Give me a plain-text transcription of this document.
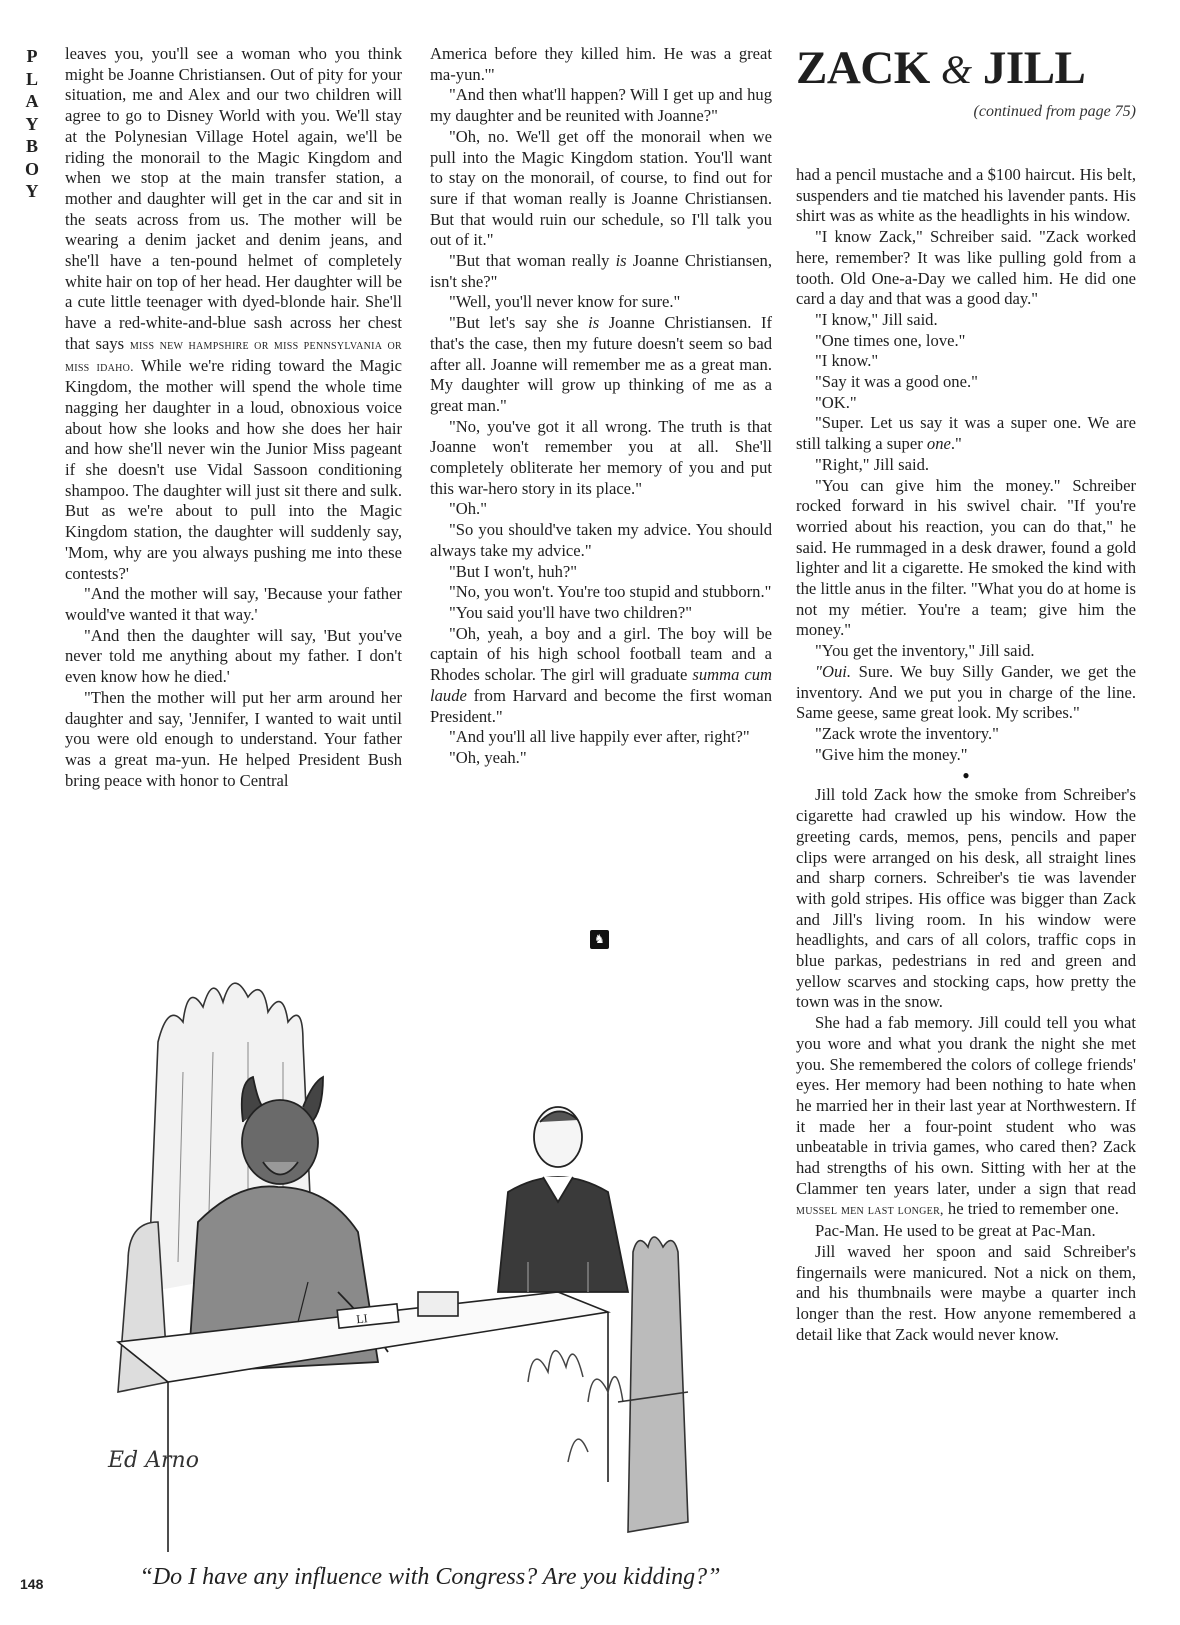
P
L
A
Y
B
O
Y

leaves you, you'll see a woman who you think might be Joanne Christiansen. Out of pity for your situation, me and Alex and our two children will agree to go to Disney World with you. We'll stay at the Polynesian Village Hotel again, we'll be riding the monorail to the Magic Kingdom and when we stop at the main transfer station, a mother and daughter will get in the car and sit in the seats across from us. The mother will be wearing a denim jacket and denim jeans, and she'll have a ten-pound helmet of completely white hair on top of her head. Her daughter will be a cute little teenager with dyed-blonde hair. She'll have a red-white-and-blue sash across her chest that says miss new hampshire or miss pennsylvania or miss idaho. While we're riding toward the Magic Kingdom, the mother will spend the whole time nagging her daughter in a loud, obnoxious voice about how she looks and how she does her hair and how she'll never win the Junior Miss pageant if she doesn't use Vidal Sassoon conditioning shampoo. The daughter will just sit there and sulk. But as we're about to pull into the Magic Kingdom station, the daughter will suddenly say, 'Mom, why are you always pushing me into these contests?'

"And the mother will say, 'Because your father would've wanted it that way.'

"And then the daughter will say, 'But you've never told me anything about my father. I don't even know how he died.'

"Then the mother will put her arm around her daughter and say, 'Jennifer, I wanted to wait until you were old enough to understand. Your father was a great ma-yun. He helped President Bush bring peace with honor to Central

America before they killed him. He was a great ma-yun.'"

"And then what'll happen? Will I get up and hug my daughter and be reunited with Joanne?"

"Oh, no. We'll get off the monorail when we pull into the Magic Kingdom station. You'll want to stay on the monorail, of course, to find out for sure if that woman really is Joanne Christiansen. But that would ruin our schedule, so I'll talk you out of it."

"But that woman really is Joanne Christiansen, isn't she?"

"Well, you'll never know for sure."

"But let's say she is Joanne Christiansen. If that's the case, then my future doesn't seem so bad after all. Joanne will remember me as a great man. My daughter will grow up thinking of me as a great man."

"No, you've got it all wrong. The truth is that Joanne won't remember you at all. She'll completely obliterate her memory of you and put this war-hero story in its place."

"Oh."

"So you should've taken my advice. You should always take my advice."

"But I won't, huh?"

"No, you won't. You're too stupid and stubborn."

"You said you'll have two children?"

"Oh, yeah, a boy and a girl. The boy will be captain of his high school football team and a Rhodes scholar. The girl will graduate summa cum laude from Harvard and become the first woman President."

"And you'll all live happily ever after, right?"

"Oh, yeah."

♞
ZACK & JILL
(continued from page 75)

had a pencil mustache and a $100 haircut. His belt, suspenders and tie matched his lavender pants. His shirt was as white as the headlights in his window.

"I know Zack," Schreiber said. "Zack worked here, remember? It was like pulling gold from a tooth. Old One-a-Day we called him. He did one card a day and that was a good day."

"I know," Jill said.

"One times one, love."

"I know."

"Say it was a good one."

"OK."

"Super. Let us say it was a super one. We are still talking a super one."

"Right," Jill said.

"You can give him the money." Schreiber rocked forward in his swivel chair. "If you're worried about his reaction, you can do that," he said. He rummaged in a desk drawer, found a gold lighter and lit a cigarette. He smoked the kind with the little anus in the filter. "What you do at home is not my métier. You're a team; give him the money."

"You get the inventory," Jill said.

"Oui. Sure. We buy Silly Gander, we get the inventory. And we put you in charge of the line. Same geese, same great look. My scribes."

"Zack wrote the inventory."

"Give him the money."

●

Jill told Zack how the smoke from Schreiber's cigarette had crawled up his window. How the greeting cards, memos, pens, pencils and paper clips were arranged on his desk, all straight lines and sharp corners. Schreiber's tie was lavender with gold stripes. His office was bigger than Zack and Jill's living room. In his window were headlights, and cars of all colors, traffic cops in blue parkas, pedestrians in red and green and yellow scarves and stocking caps, how pretty the town was in the snow.

She had a fab memory. Jill could tell you what you wore and what you drank the night she met you. She remembered the colors of college friends' eyes. Her memory had been nothing to hate when he married her in their last year at Northwestern. If it made her a four-point student who was unbeatable in trivia games, who cared then? Zack had strengths of his own. Sitting with her at the Clammer ten years later, under a sign that read mussel men last longer, he tried to remember one.

Pac-Man. He used to be great at Pac-Man.

Jill waved her spoon and said Schreiber's fingernails were manicured. Not a nick on them, and his thumbnails were maybe a quarter inch longer than the rest. How anyone remembered a detail like that Zack would never know.

LI
Ed Arno
“Do I have any influence with Congress? Are you kidding?”
148
